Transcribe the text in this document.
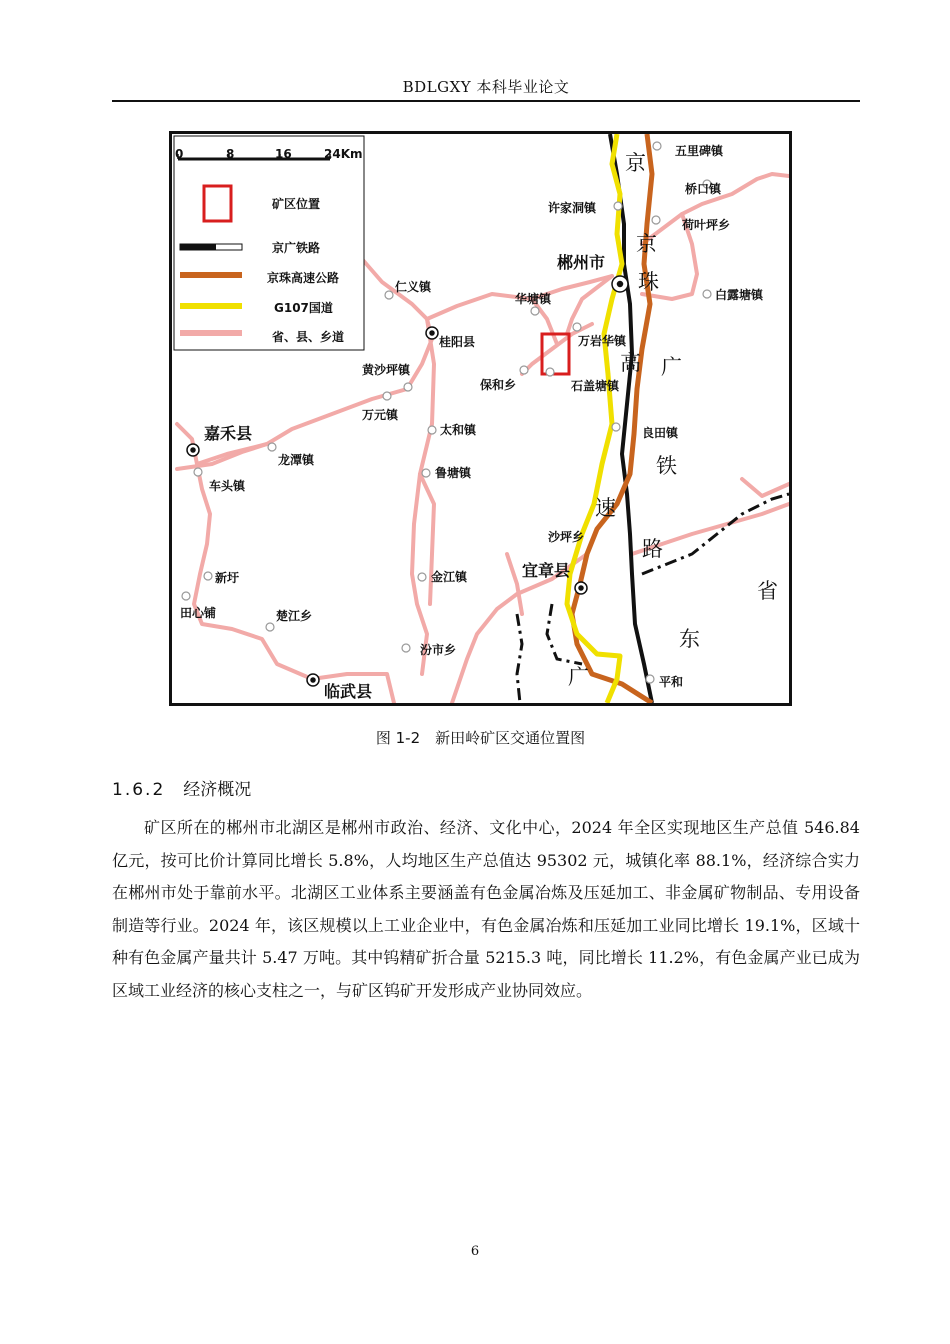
BDLGXY 本科毕业论文
0	8	16	24Km
矿区位置
京广铁路
京珠高速公路
G107国道
省、县、乡道
五里碑镇
桥口镇
荷叶坪乡
许家洞镇
郴州市
白露塘镇
仁义镇
华塘镇
桂阳县	万岩华镇
黄沙坪镇
保和乡	石盖塘镇
万元镇
嘉禾县	太和镇	良田镇
龙潭镇
鲁塘镇
车头镇
沙坪乡
宜章县
新圩	金江镇
田心铺	楚江乡
汾市乡
临武县	平和
京
广
铁
路
京
珠
高
速
广
东
省
图 1-2　新田岭矿区交通位置图
1.6.2 经济概况
矿区所在的郴州市北湖区是郴州市政治、经济、文化中心，2024 年全区实现地区生产总值 546.84 亿元，按可比价计算同比增长 5.8%，人均地区生产总值达 95302 元，城镇化率 88.1%，经济综合实力在郴州市处于靠前水平。北湖区工业体系主要涵盖有色金属冶炼及压延加工、非金属矿物制品、专用设备制造等行业。2024 年，该区规模以上工业企业中，有色金属冶炼和压延加工业同比增长 19.1%，区域十种有色金属产量共计 5.47 万吨。其中钨精矿折合量 5215.3 吨，同比增长 11.2%，有色金属产业已成为区域工业经济的核心支柱之一，与矿区钨矿开发形成产业协同效应。
6
